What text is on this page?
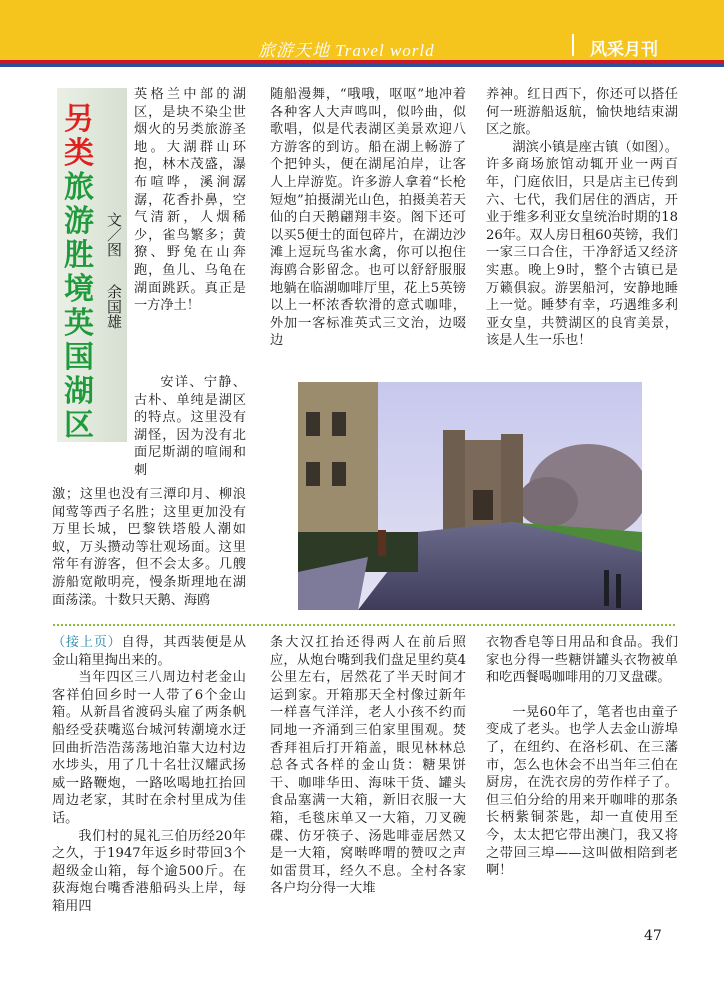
旅游天地 Travel world	风采月刊
另
类
旅
游
胜
境
英
国
湖
区
文／图
余国雄
英格兰中部的湖区，是块不染尘世烟火的另类旅游圣地。大湖群山环抱，林木茂盛，瀑布喧哗，溪涧潺潺，花香扑鼻，空气清新，人烟稀少，雀鸟繁多；黄獠、野兔在山奔跑，鱼儿、乌龟在湖面跳跃。真正是一方净土！
安详、宁静、古朴、单纯是湖区的特点。这里没有湖怪，因为没有北面尼斯湖的喧闹和刺
激；这里也没有三潭印月、柳浪闻莺等西子名胜；这里更加没有万里长城，巴黎铁塔般人潮如蚁，万头攒动等壮观场面。这里常年有游客，但不会太多。几艘游船宽敞明亮，慢条斯理地在湖面荡漾。十数只天鹅、海鸥
随船漫舞，“哦哦，呕呕”地冲着各种客人大声鸣叫，似吟曲，似歌唱，似是代表湖区美景欢迎八方游客的到访。船在湖上畅游了个把钟头，便在湖尾泊岸，让客人上岸游览。许多游人拿着“长枪短炮”拍摄湖光山色，拍摄美若天仙的白天鹅翩翔丰姿。阁下还可以买5便士的面包碎片，在湖边沙滩上逗玩鸟雀水禽，你可以抱住海鸥合影留念。也可以舒舒服服地躺在临湖咖啡厅里，花上5英镑以上一杯浓香软滑的意式咖啡，外加一客标准英式三文治，边啜边
养神。红日西下，你还可以搭任何一班游船返航，愉快地结束湖区之旅。
湖滨小镇是座古镇（如图）。许多商场旅馆动辄开业一两百年，门庭依旧，只是店主已传到六、七代，我们居住的酒店，开业于维多利亚女皇统治时期的1826年。双人房日租60英镑，我们一家三口合住，干净舒适又经济实惠。晚上9时，整个古镇已是万籁俱寂。游罢船河，安静地睡上一觉。睡梦有幸，巧遇维多利亚女皇，共赞湖区的良宵美景，该是人生一乐也！
（接上页）自得，其西装便是从金山箱里掏出来的。
当年四区三八周边村老金山客祥伯回乡时一人带了6个金山箱。从新昌省渡码头雇了两条帆船经受获嘴巡台城河转潮境水迂回曲折浩浩荡荡地泊靠大边村边水埗头，用了几十名壮汉耀武扬威一路鞭炮，一路吆喝地扛抬回周边老家，其时在余村里成为佳话。
我们村的晁礼三伯历经20年之久，于1947年返乡时带回3个超级金山箱，每个逾500斤。在荻海炮台嘴香港船码头上岸，每箱用四
条大汉扛抬还得两人在前后照应，从炮台嘴到我们盘足里约莫4公里左右，居然花了半天时间才运到家。开箱那天全村像过新年一样喜气洋洋，老人小孩不约而同地一齐涌到三伯家里围观。焚香拜祖后打开箱盖，眼见林林总总各式各样的金山货：糖果饼干、咖啡华田、海味干货、罐头食品塞满一大箱，新旧衣服一大箱，毛毯床单又一大箱，刀叉碗碟、仿牙筷子、汤匙啡壶居然又是一大箱，窝啭哗喟的赞叹之声如雷贯耳，经久不息。全村各家各户均分得一大堆
衣物香皂等日用品和食品。我们家也分得一些糖饼罐头衣物被单和吃西餐喝咖啡用的刀叉盘碟。
一晃60年了，笔者也由童子变成了老头。也学人去金山游埠了，在纽约、在洛杉矶、在三藩市，怎么也休会不出当年三伯在厨房，在洗衣房的劳作样子了。但三伯分给的用来开咖啡的那条长柄紫铜茶匙，却一直使用至今，太太把它带出澳门，我又将之带回三埠——这叫做相陪到老啊！
47
